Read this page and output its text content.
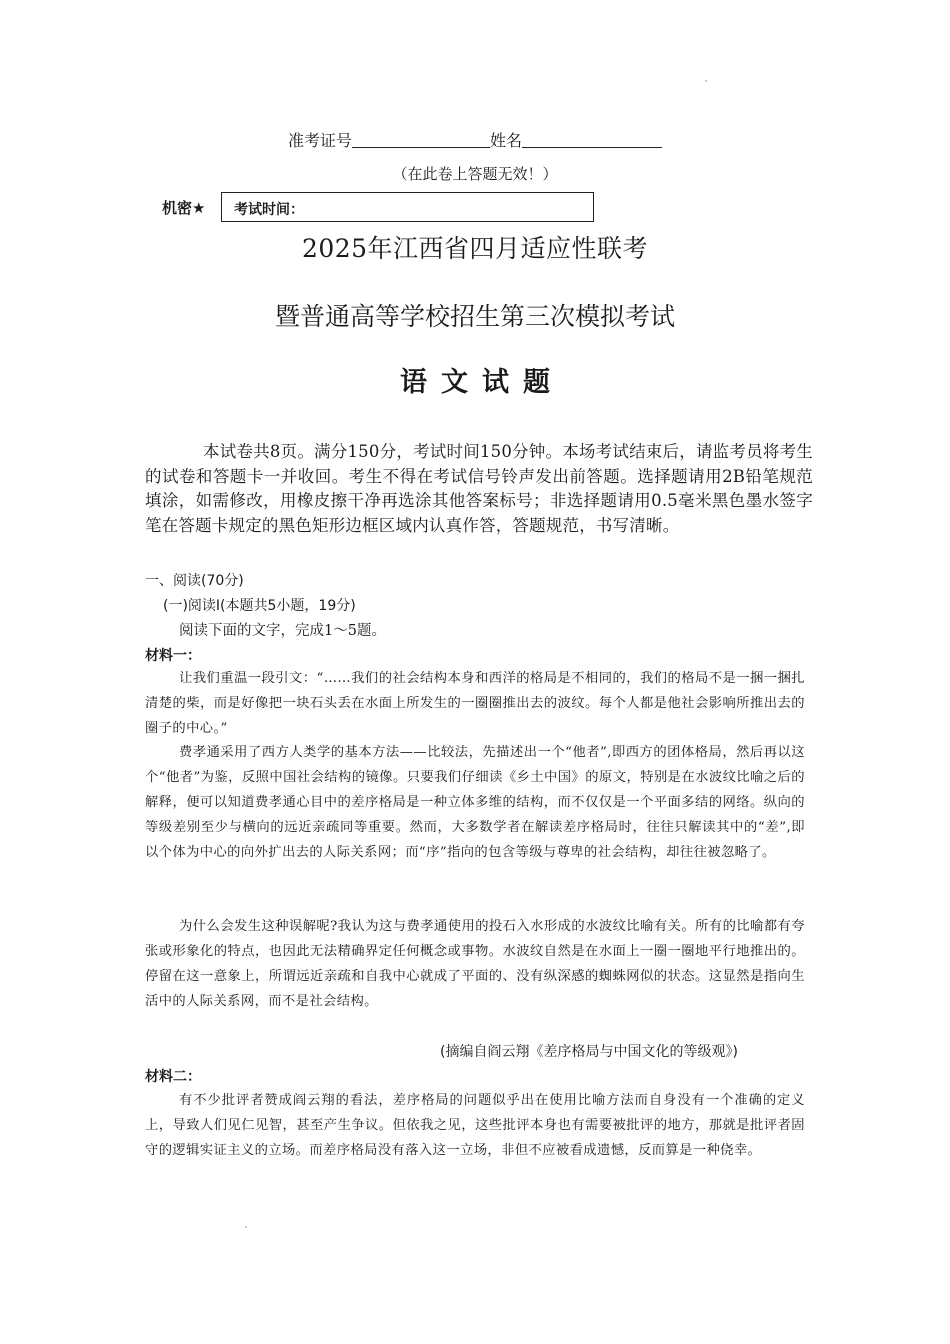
准考证号	姓名
（在此卷上答题无效！）
机密★	考试时间：
2025年江西省四月适应性联考
暨普通高等学校招生第三次模拟考试
语文试题
本试卷共8页。满分150分，考试时间150分钟。本场考试结束后，请监考员将考生的试卷和答题卡一并收回。考生不得在考试信号铃声发出前答题。选择题请用2B铅笔规范填涂，如需修改，用橡皮擦干净再选涂其他答案标号；非选择题请用0.5毫米黑色墨水签字笔在答题卡规定的黑色矩形边框区域内认真作答，答题规范，书写清晰。
一、阅读(70分)
(一)阅读Ⅰ(本题共5小题，19分)
阅读下面的文字，完成1～5题。
材料一：
让我们重温一段引文：“……我们的社会结构本身和西洋的格局是不相同的，我们的格局不是一捆一捆扎清楚的柴，而是好像把一块石头丢在水面上所发生的一圈圈推出去的波纹。每个人都是他社会影响所推出去的圈子的中心。”
费孝通采用了西方人类学的基本方法——比较法，先描述出一个“他者”,即西方的团体格局，然后再以这个“他者”为鉴，反照中国社会结构的镜像。只要我们仔细读《乡土中国》的原文，特别是在水波纹比喻之后的解释，便可以知道费孝通心目中的差序格局是一种立体多维的结构，而不仅仅是一个平面多结的网络。纵向的等级差别至少与横向的远近亲疏同等重要。然而，大多数学者在解读差序格局时，往往只解读其中的“差”,即以个体为中心的向外扩出去的人际关系网；而“序”指向的包含等级与尊卑的社会结构，却往往被忽略了。
为什么会发生这种误解呢?我认为这与费孝通使用的投石入水形成的水波纹比喻有关。所有的比喻都有夸张或形象化的特点，也因此无法精确界定任何概念或事物。水波纹自然是在水面上一圈一圈地平行地推出的。停留在这一意象上，所谓远近亲疏和自我中心就成了平面的、没有纵深感的蜘蛛网似的状态。这显然是指向生活中的人际关系网，而不是社会结构。
(摘编自阎云翔《差序格局与中国文化的等级观》)
材料二：
有不少批评者赞成阎云翔的看法，差序格局的问题似乎出在使用比喻方法而自身没有一个准确的定义上，导致人们见仁见智，甚至产生争议。但依我之见，这些批评本身也有需要被批评的地方，那就是批评者固守的逻辑实证主义的立场。而差序格局没有落入这一立场，非但不应被看成遗憾，反而算是一种侥幸。
